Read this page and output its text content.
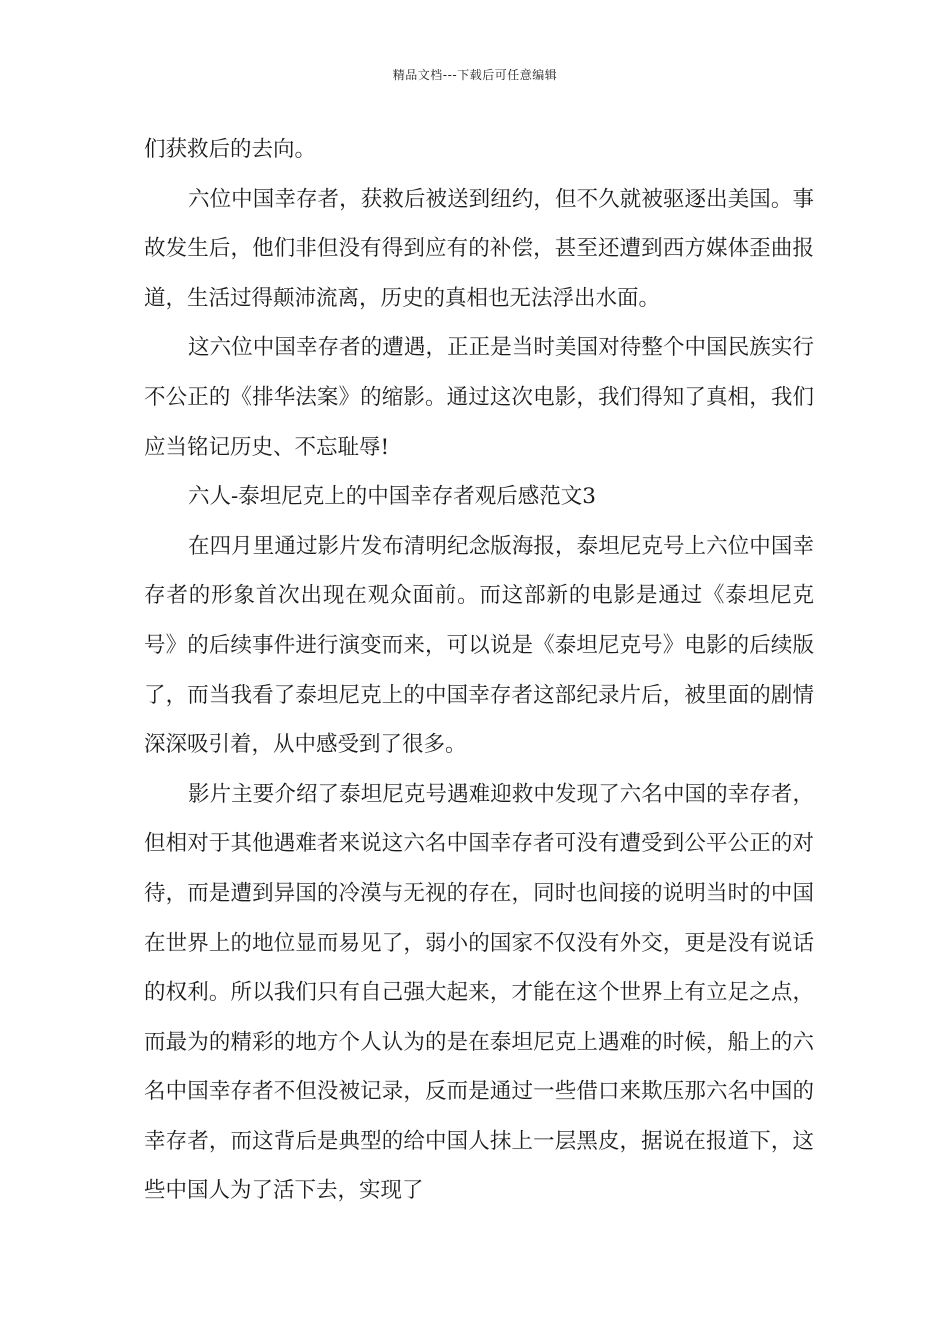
精品文档---下载后可任意编辑

们获救后的去向。

六位中国幸存者，获救后被送到纽约，但不久就被驱逐出美国。事故发生后，他们非但没有得到应有的补偿，甚至还遭到西方媒体歪曲报道，生活过得颠沛流离，历史的真相也无法浮出水面。

这六位中国幸存者的遭遇，正正是当时美国对待整个中国民族实行不公正的《排华法案》的缩影。通过这次电影，我们得知了真相，我们应当铭记历史、不忘耻辱!

六人-泰坦尼克上的中国幸存者观后感范文3

在四月里通过影片发布清明纪念版海报，泰坦尼克号上六位中国幸存者的形象首次出现在观众面前。而这部新的电影是通过《泰坦尼克号》的后续事件进行演变而来，可以说是《泰坦尼克号》电影的后续版了，而当我看了泰坦尼克上的中国幸存者这部纪录片后，被里面的剧情深深吸引着，从中感受到了很多。

影片主要介绍了泰坦尼克号遇难迎救中发现了六名中国的幸存者，但相对于其他遇难者来说这六名中国幸存者可没有遭受到公平公正的对待，而是遭到异国的冷漠与无视的存在，同时也间接的说明当时的中国在世界上的地位显而易见了，弱小的国家不仅没有外交，更是没有说话的权利。所以我们只有自己强大起来，才能在这个世界上有立足之点，而最为的精彩的地方个人认为的是在泰坦尼克上遇难的时候，船上的六名中国幸存者不但没被记录，反而是通过一些借口来欺压那六名中国的幸存者，而这背后是典型的给中国人抹上一层黑皮，据说在报道下，这些中国人为了活下去，实现了
